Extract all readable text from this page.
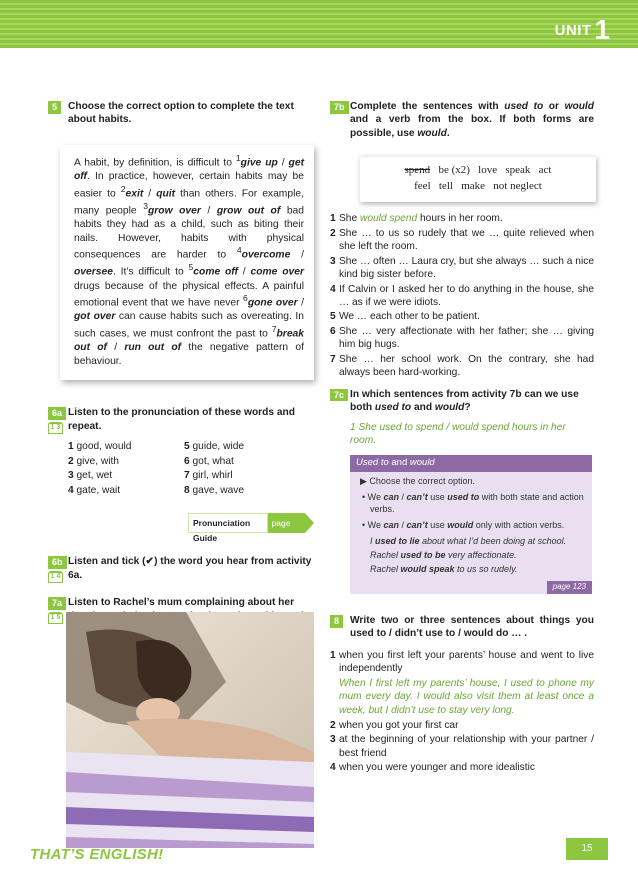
UNIT 1
5	Choose the correct option to complete the text about habits.
A habit, by definition, is difficult to $^1$give up / get off. In practice, however, certain habits may be easier to $^2$exit / quit than others. For example, many people $^3$grow over / grow out of bad habits they had as a child, such as biting their nails. However, habits with physical consequences are harder to $^4$overcome / oversee. It’s difficult to $^5$come off / come over drugs because of the physical effects. A painful emotional event that we have never $^6$gone over / got over can cause habits such as overeating. In such cases, we must confront the past to $^7$break out of / run out of the negative pattern of behaviour.
6a
1 3
Listen to the pronunciation of these words and repeat.
1 good, would	5 guide, wide
2 give, with	6 got, what
3 get, wet	7 girl, whirl
4 gate, wait	8 gave, wave
Pronunciation Guide
page 146
6b
1 4
Listen and tick (✔) the word you hear from activity 6a.
7a
1 5
Listen to Rachel’s mum complaining about her
7b Complete the sentences with used to or would and a verb from the box. If both forms are possible, use would.
spend be (x2) love speak act
feel tell make not neglect
1 She would spend hours in her room.
2 She … to us so rudely that we … quite relieved when she left the room.
3 She … often … Laura cry, but she always … such a nice kind big sister before.
4 If Calvin or I asked her to do anything in the house, she … as if we were idiots.
5 We … each other to be patient.
6 She … very affectionate with her father; she … giving him big hugs.
7 She … her school work. On the contrary, she had always been hard-working.
7c In which sentences from activity 7b can we use both used to and would?
1 She used to spend / would spend hours in her room.
Used to and would

▶ Choose the correct option.

• We can / can’t use used to with both state and action verbs.

• We can / can’t use would only with action verbs.

I used to lie about what I’d been doing at school.
Rachel used to be very affectionate.
Rachel would speak to us so rudely.
page 123
8	Write two or three sentences about things you used to / didn’t use to / would do … .
1 when you first left your parents’ house and went to live independently
When I first left my parents’ house, I used to phone my mum every day. I would also visit them at least once a week, but I didn’t use to stay very long.
2 when you got your first car
3 at the beginning of your relationship with your partner / best friend
4 when you were younger and more idealistic
THAT’S ENGLISH!	15
